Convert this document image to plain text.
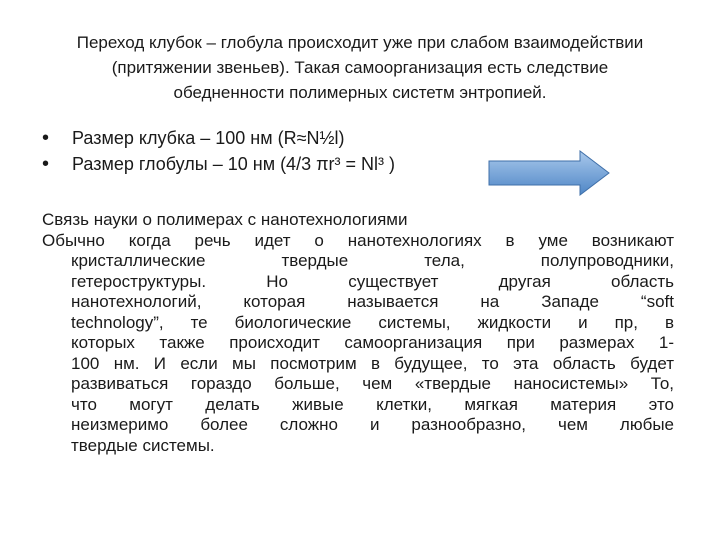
Переход клубок – глобула происходит уже при слабом взаимодействии
(притяжении звеньев). Такая самоорганизация есть следствие
обедненности полимерных систетм энтропией.
•	Размер клубка – 100 нм (R≈N½l)
•	Размер глобулы – 10 нм (4/3 πr³ = Nl³ )
Связь науки о полимерах с нанотехнологиями
Обычно когда речь идет о нанотехнологиях в уме возникают
кристаллические твердые тела, полупроводники,
гетероструктуры. Но существует другая область
нанотехнологий, которая называется на Западе “soft
technology”, те биологические системы, жидкости и пр, в
которых также происходит самоорганизация при размерах 1-
100 нм. И если мы посмотрим в будущее, то эта область будет
развиваться гораздо больше, чем «твердые наносистемы» То,
что могут делать живые клетки, мягкая материя это
неизмеримо более сложно и разнообразно, чем любые
твердые системы.
